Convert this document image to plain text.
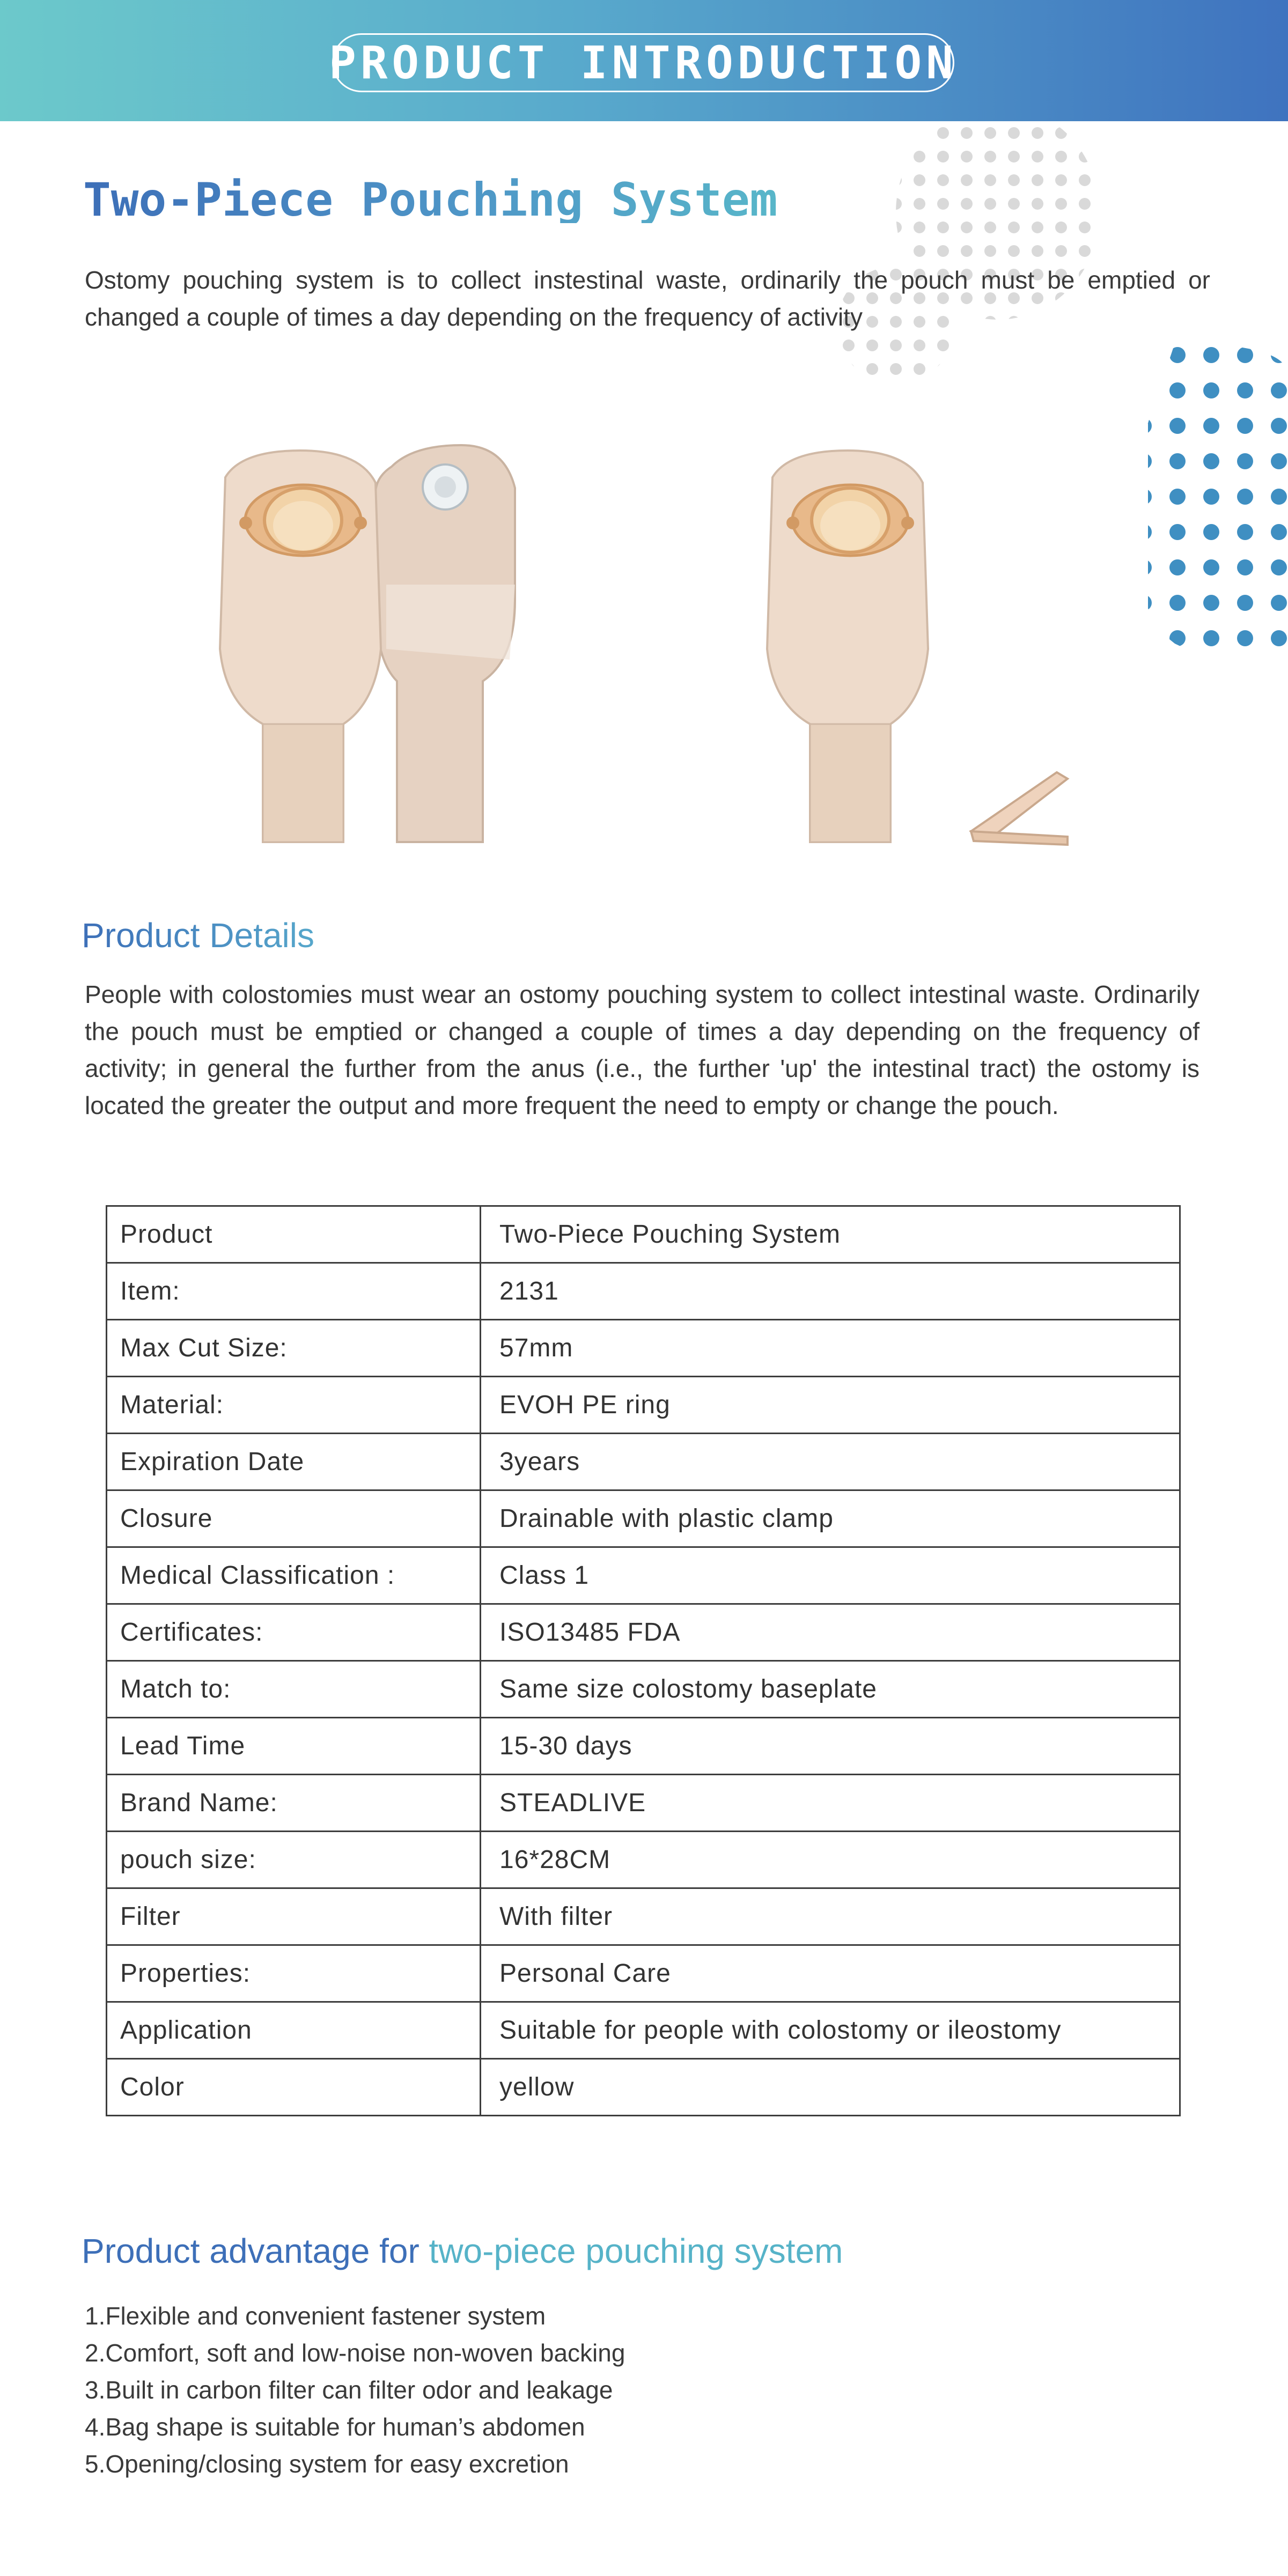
PRODUCT INTRODUCTION
Two-Piece Pouching System
Ostomy pouching system is to collect instestinal waste, ordinarily the pouch must be emptied or changed a couple of times a day depending on the frequency of activity
Product Details
People with colostomies must wear an ostomy pouching system to collect intestinal waste. Ordinarily the pouch must be emptied or changed a couple of times a day depending on the frequency of activity; in general the further from the anus (i.e., the further 'up' the intestinal tract) the ostomy is located the greater the output and more frequent the need to empty or change the pouch.
Product	Two-Piece Pouching System
Item:	2131
Max Cut Size:	57mm
Material:	EVOH PE ring
Expiration Date	3years
Closure	Drainable with plastic clamp
Medical Classification :	Class 1
Certificates:	ISO13485 FDA
Match to:	Same size colostomy baseplate
Lead Time	15-30 days
Brand Name:	STEADLIVE
pouch size:	16*28CM
Filter	With filter
Properties:	Personal Care
Application	Suitable for people with colostomy or ileostomy
Color	yellow
Product advantage for two-piece pouching system
1.Flexible and convenient fastener system
2.Comfort, soft and low-noise non-woven backing
3.Built in carbon filter can filter odor and leakage
4.Bag shape is suitable for human’s abdomen
5.Opening/closing system for easy excretion
